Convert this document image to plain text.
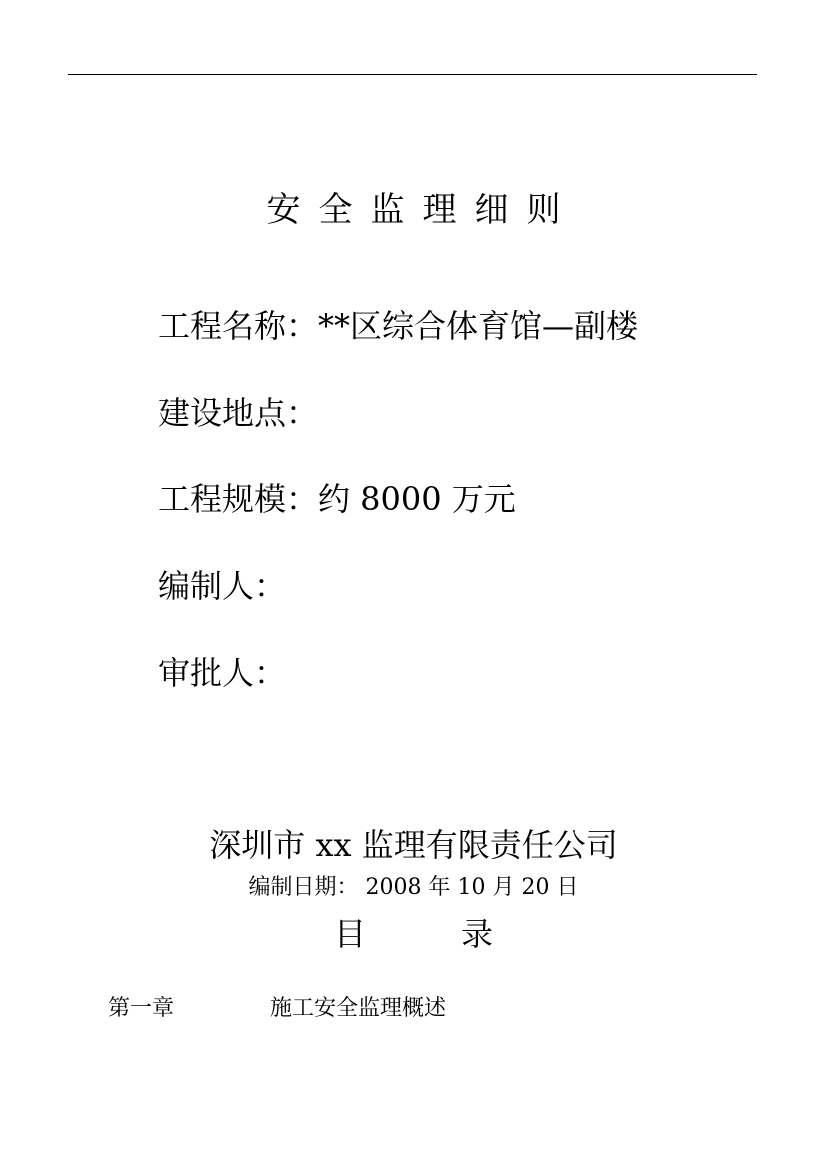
安全监理细则
工程名称：**区综合体育馆—副楼
建设地点：
工程规模：约 8000 万元
编制人：
审批人：
深圳市 xx 监理有限责任公司
编制日期： 2008 年 10 月 20 日
目	录
第一章	施工安全监理概述
